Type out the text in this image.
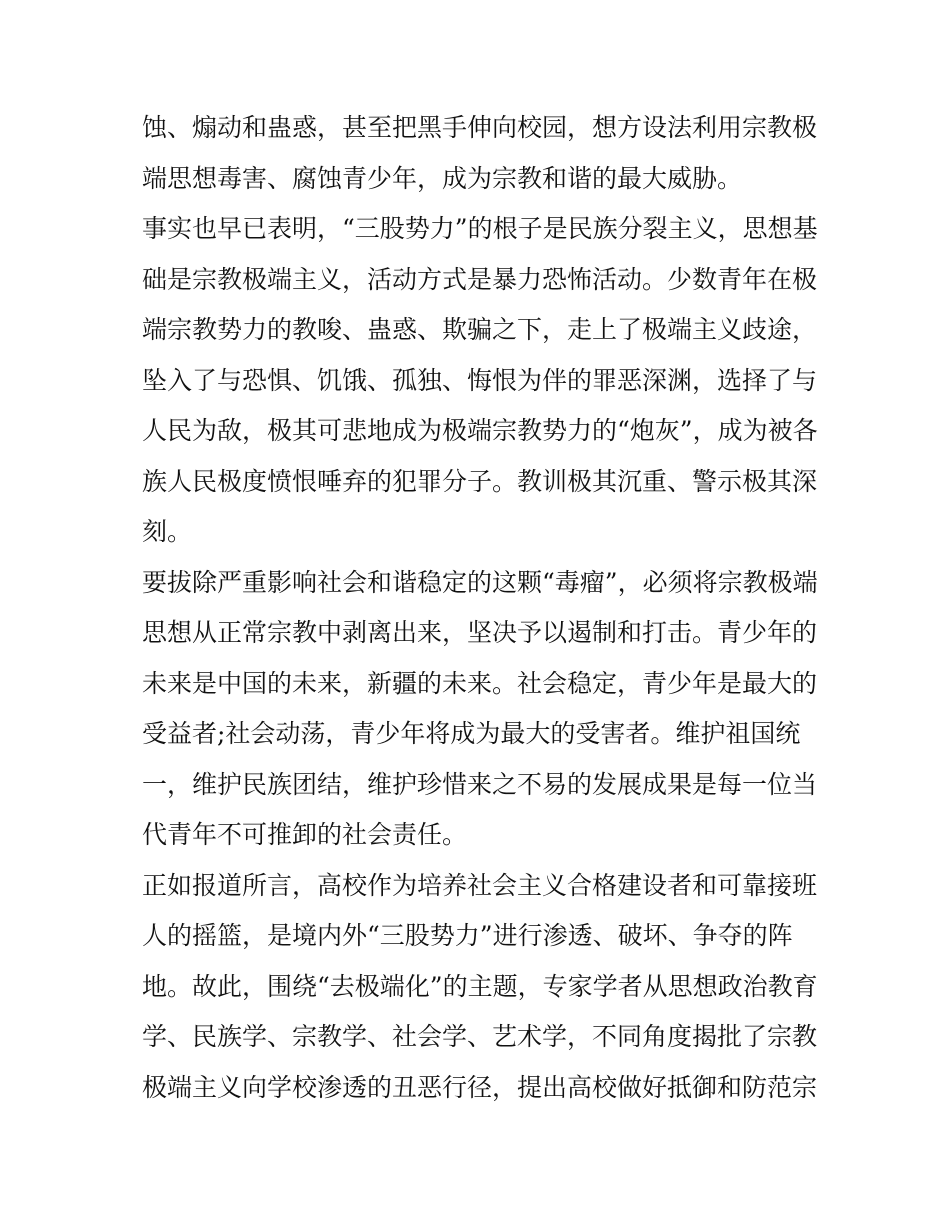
蚀、煽动和蛊惑，甚至把黑手伸向校园，想方设法利用宗教极
端思想毒害、腐蚀青少年，成为宗教和谐的最大威胁。
事实也早已表明，“三股势力”的根子是民族分裂主义，思想基
础是宗教极端主义，活动方式是暴力恐怖活动。少数青年在极
端宗教势力的教唆、蛊惑、欺骗之下，走上了极端主义歧途，
坠入了与恐惧、饥饿、孤独、悔恨为伴的罪恶深渊，选择了与
人民为敌，极其可悲地成为极端宗教势力的“炮灰”，成为被各
族人民极度愤恨唾弃的犯罪分子。教训极其沉重、警示极其深
刻。
要拔除严重影响社会和谐稳定的这颗“毒瘤”，必须将宗教极端
思想从正常宗教中剥离出来，坚决予以遏制和打击。青少年的
未来是中国的未来，新疆的未来。社会稳定，青少年是最大的
受益者;社会动荡，青少年将成为最大的受害者。维护祖国统
一，维护民族团结，维护珍惜来之不易的发展成果是每一位当
代青年不可推卸的社会责任。
正如报道所言，高校作为培养社会主义合格建设者和可靠接班
人的摇篮，是境内外“三股势力”进行渗透、破坏、争夺的阵
地。故此，围绕“去极端化”的主题，专家学者从思想政治教育
学、民族学、宗教学、社会学、艺术学，不同角度揭批了宗教
极端主义向学校渗透的丑恶行径，提出高校做好抵御和防范宗
